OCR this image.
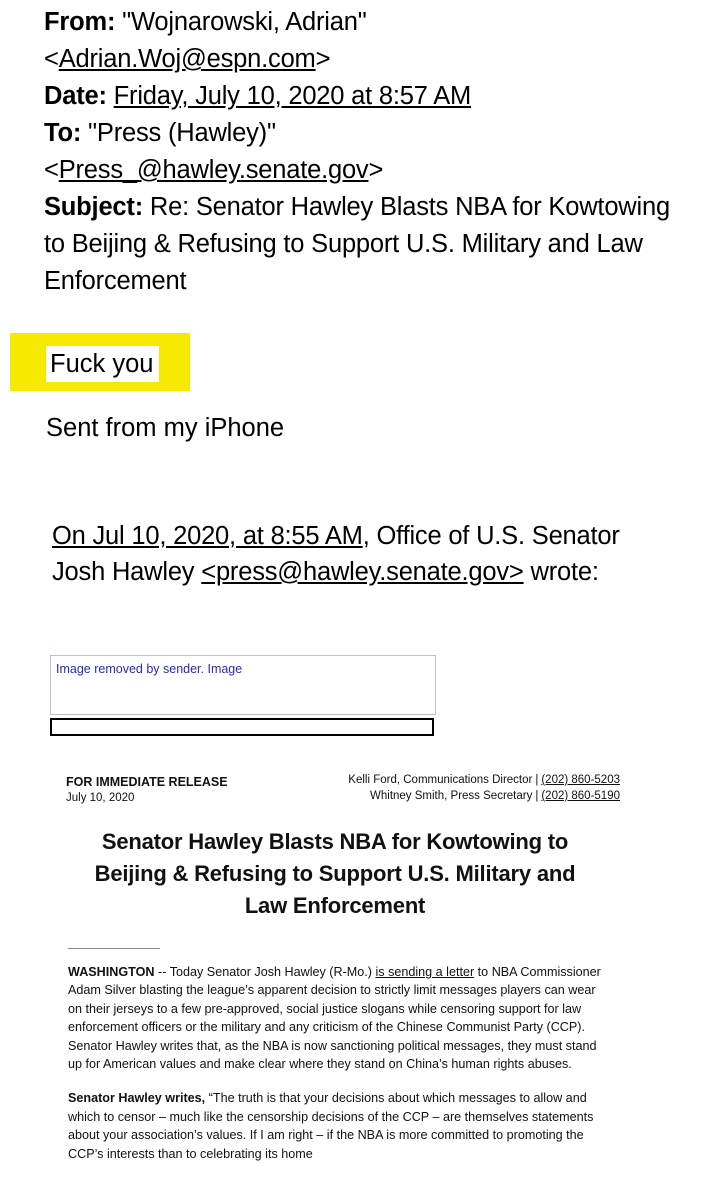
From: "Wojnarowski, Adrian"
<Adrian.Woj@espn.com>
Date: Friday, July 10, 2020 at 8:57 AM
To: "Press (Hawley)"
<Press_@hawley.senate.gov>
Subject: Re: Senator Hawley Blasts NBA for Kowtowing to Beijing & Refusing to Support U.S. Military and Law Enforcement
Fuck you
Sent from my iPhone
On Jul 10, 2020, at 8:55 AM, Office of U.S. Senator Josh Hawley <press@hawley.senate.gov> wrote:
Image removed by sender. Image
FOR IMMEDIATE RELEASE
July 10, 2020
Kelli Ford, Communications Director | (202) 860-5203
Whitney Smith, Press Secretary | (202) 860-5190
Senator Hawley Blasts NBA for Kowtowing to Beijing & Refusing to Support U.S. Military and Law Enforcement

WASHINGTON -- Today Senator Josh Hawley (R-Mo.) is sending a letter to NBA Commissioner Adam Silver blasting the league’s apparent decision to strictly limit messages players can wear on their jerseys to a few pre-approved, social justice slogans while censoring support for law enforcement officers or the military and any criticism of the Chinese Communist Party (CCP). Senator Hawley writes that, as the NBA is now sanctioning political messages, they must stand up for American values and make clear where they stand on China’s human rights abuses.

Senator Hawley writes, “The truth is that your decisions about which messages to allow and which to censor – much like the censorship decisions of the CCP – are themselves statements about your association’s values. If I am right – if the NBA is more committed to promoting the CCP’s interests than to celebrating its home
